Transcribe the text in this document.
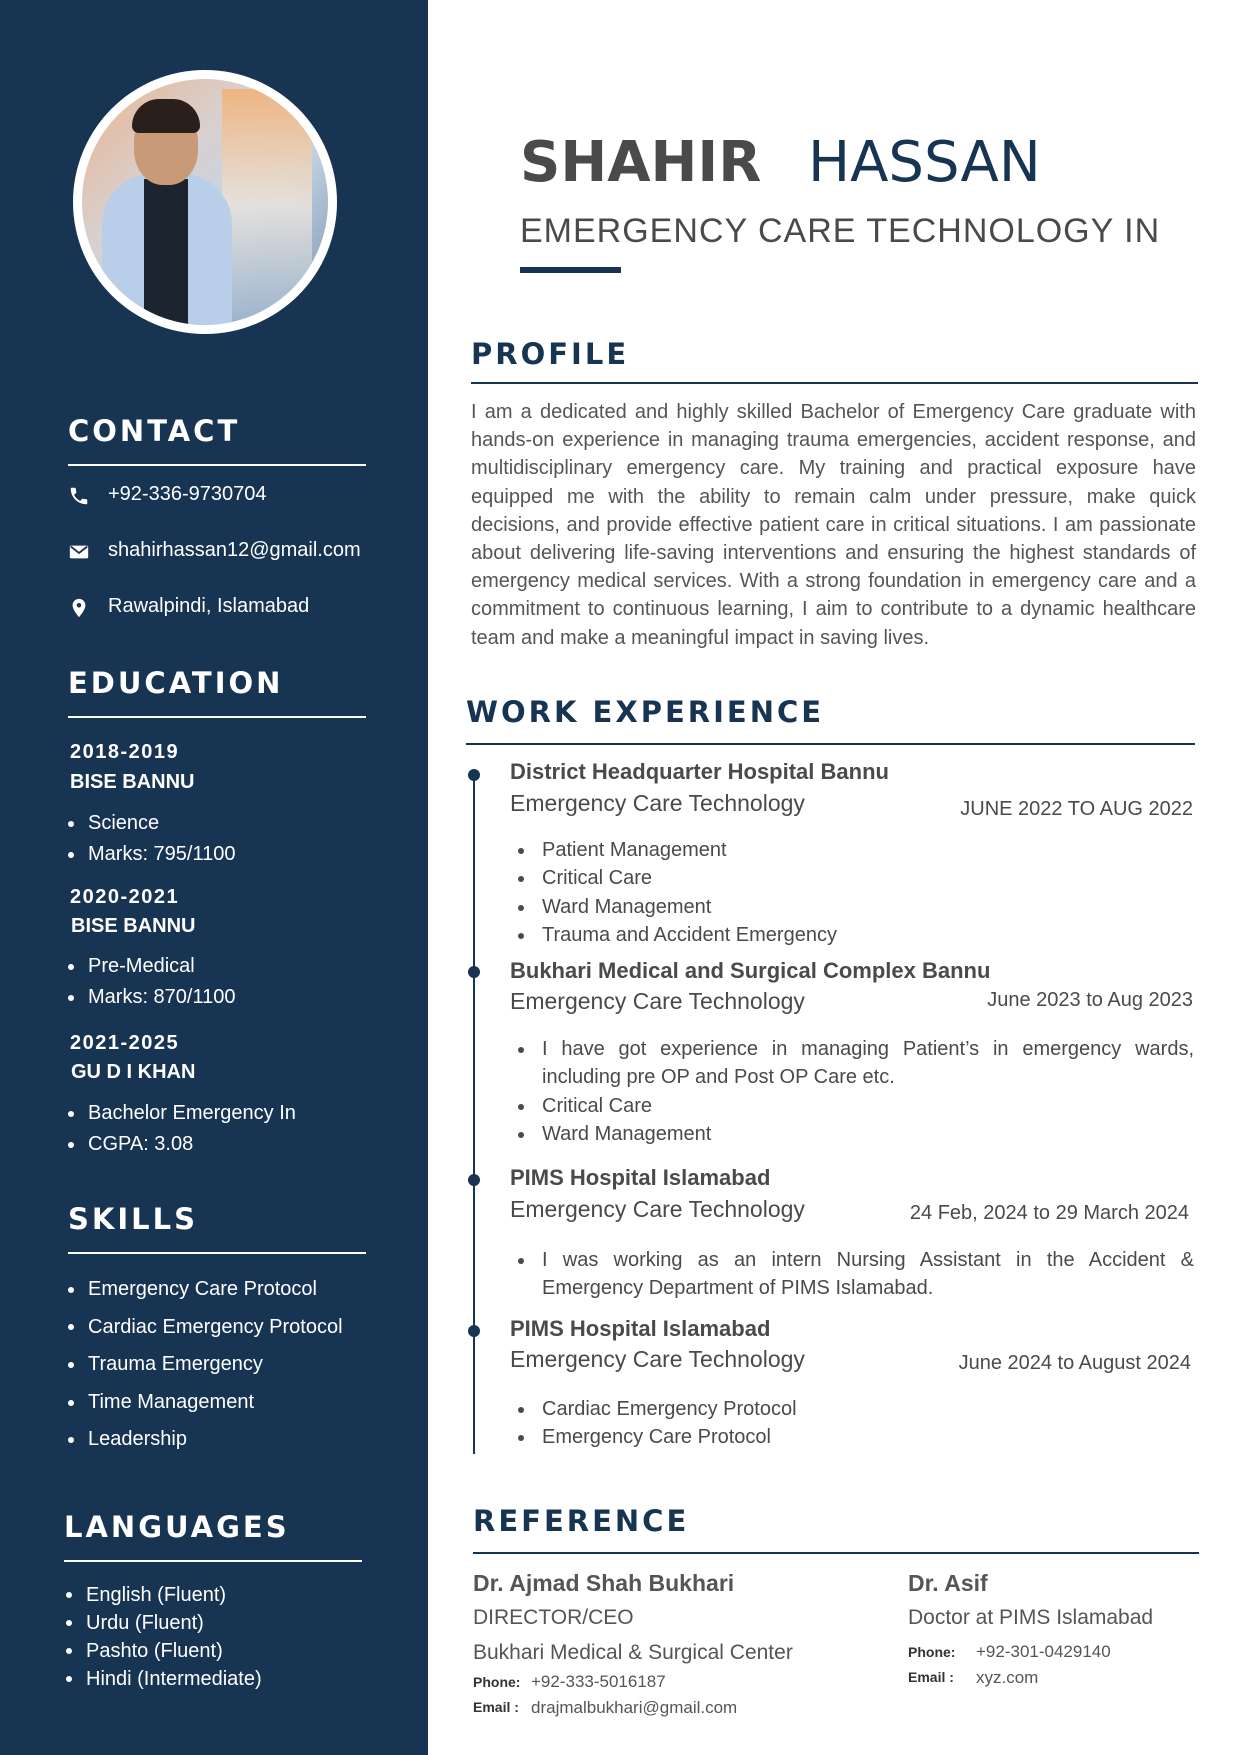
CONTACT
+92-336-9730704
shahirhassan12@gmail.com
Rawalpindi, Islamabad
EDUCATION
2018-2019
BISE BANNU
Science
Marks: 795/1100
2020-2021
BISE BANNU
Pre-Medical
Marks: 870/1100
2021-2025
GU D I KHAN
Bachelor Emergency In
CGPA: 3.08
SKILLS
Emergency Care Protocol
Cardiac Emergency Protocol
Trauma Emergency
Time Management
Leadership
LANGUAGES
English (Fluent)
Urdu (Fluent)
Pashto (Fluent)
Hindi (Intermediate)
SHAHIR HASSAN
EMERGENCY CARE TECHNOLOGY IN
PROFILE

I am a dedicated and highly skilled Bachelor of Emergency Care graduate with hands-on experience in managing trauma emergencies, accident response, and multidisciplinary emergency care. My training and practical exposure have equipped me with the ability to remain calm under pressure, make quick decisions, and provide effective patient care in critical situations. I am passionate about delivering life-saving interventions and ensuring the highest standards of emergency medical services. With a strong foundation in emergency care and a commitment to continuous learning, I aim to contribute to a dynamic healthcare team and make a meaningful impact in saving lives.

WORK EXPERIENCE
District Headquarter Hospital Bannu
Emergency Care Technology	JUNE 2022 TO AUG 2022
Patient Management
Critical Care
Ward Management
Trauma and Accident Emergency
Bukhari Medical and Surgical Complex Bannu
Emergency Care Technology	June 2023 to Aug 2023
I have got experience in managing Patient’s in emergency wards, including pre OP and Post OP Care etc.
Critical Care
Ward Management
PIMS Hospital Islamabad
Emergency Care Technology	24 Feb, 2024 to 29 March 2024
I was working as an intern Nursing Assistant in the Accident & Emergency Department of PIMS Islamabad.
PIMS Hospital Islamabad
Emergency Care Technology	June 2024 to August 2024
Cardiac Emergency Protocol
Emergency Care Protocol
REFERENCE
Dr. Ajmad Shah Bukhari
DIRECTOR/CEO
Bukhari Medical & Surgical Center
Phone: +92-333-5016187
Email : drajmalbukhari@gmail.com
Dr. Asif
Doctor at PIMS Islamabad
Phone: +92-301-0429140
Email : xyz.com
